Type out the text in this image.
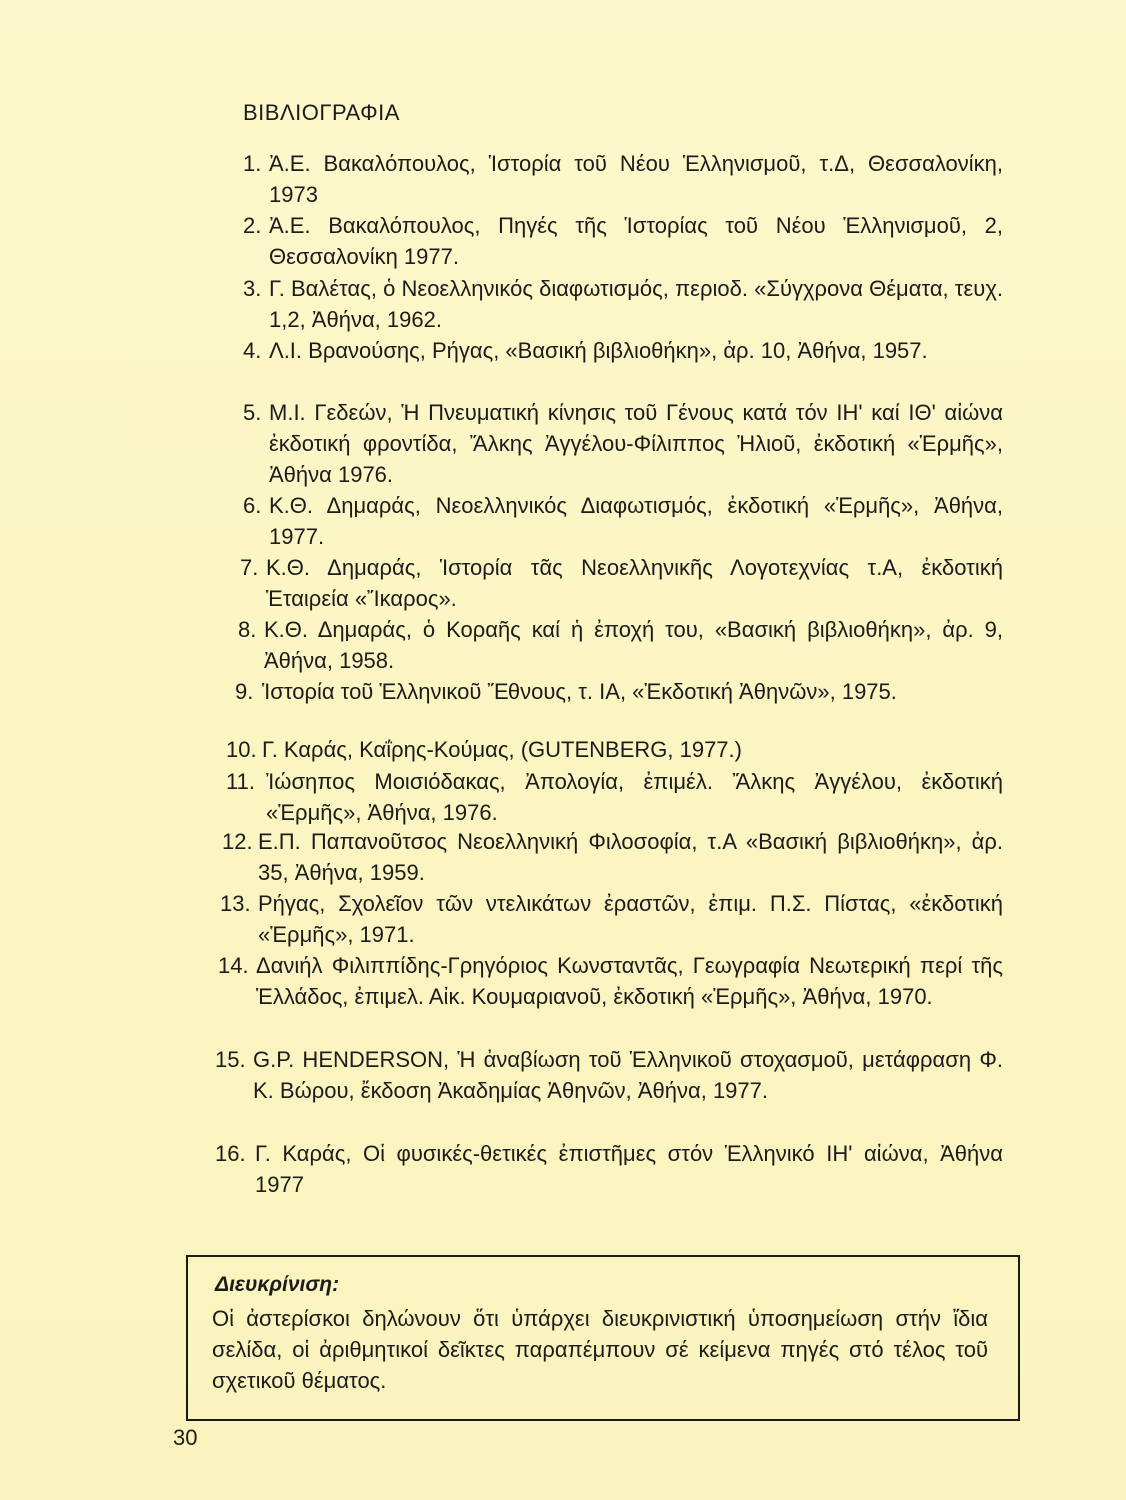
ΒΙΒΛΙΟΓΡΑΦΙΑ
1. Ἀ.Ε. Βακαλόπουλος, Ἱστορία τοῦ Νέου Ἑλληνισμοῦ, τ.Δ, Θεσσαλονίκη, 1973
2. Ἀ.Ε. Βακαλόπουλος, Πηγές τῆς Ἱστορίας τοῦ Νέου Ἑλληνισμοῦ, 2, Θεσσαλονίκη 1977.
3. Γ. Βαλέτας, ὁ Νεοελληνικός διαφωτισμός, περιοδ. «Σύγχρονα Θέματα, τευχ. 1,2, Ἀθήνα, 1962.
4. Λ.Ι. Βρανούσης, Ρήγας, «Βασική βιβλιοθήκη», ἀρ. 10, Ἀθήνα, 1957.
5. Μ.Ι. Γεδεών, Ἡ Πνευματική κίνησις τοῦ Γένους κατά τόν ΙΗ' καί ΙΘ' αἰώνα ἐκδοτική φροντίδα, Ἄλκης Ἀγγέλου-Φίλιππος Ἠλιοῦ, ἐκδοτική «Ἑρμῆς», Ἀθήνα 1976.
6. Κ.Θ. Δημαράς, Νεοελληνικός Διαφωτισμός, ἐκδοτική «Ἑρμῆς», Ἀθήνα, 1977.
7. Κ.Θ. Δημαράς, Ἱστορία τᾶς Νεοελληνικῆς Λογοτεχνίας τ.Α, ἐκδοτική Ἑταιρεία «Ἴκαρος».
8. Κ.Θ. Δημαράς, ὁ Κοραῆς καί ἡ ἐποχή του, «Βασική βιβλιοθήκη», ἀρ. 9, Ἀθήνα, 1958.
9. Ἱστορία τοῦ Ἑλληνικοῦ Ἔθνους, τ. ΙΑ, «Ἐκδοτική Ἀθηνῶν», 1975.
10. Γ. Καράς, Καΐρης-Κούμας, (GUTENBERG, 1977.)
11. Ἰώσηπος Μοισιόδακας, Ἀπολογία, ἐπιμέλ. Ἄλκης Ἀγγέλου, ἐκδοτική «Ἑρμῆς», Ἀθήνα, 1976.
12. Ε.Π. Παπανοῦτσος Νεοελληνική Φιλοσοφία, τ.Α «Βασική βιβλιοθήκη», ἀρ. 35, Ἀθήνα, 1959.
13. Ρήγας, Σχολεῖον τῶν ντελικάτων ἐραστῶν, ἐπιμ. Π.Σ. Πίστας, «ἐκδοτική «Ἑρμῆς», 1971.
14. Δανιήλ Φιλιππίδης-Γρηγόριος Κωνσταντᾶς, Γεωγραφία Νεωτερική περί τῆς Ἑλλάδος, ἐπιμελ. Αἰκ. Κουμαριανοῦ, ἐκδοτική «Ἑρμῆς», Ἀθήνα, 1970.
15. G.P. HENDERSON, Ἡ ἀναβίωση τοῦ Ἑλληνικοῦ στοχασμοῦ, μετάφραση Φ. Κ. Βώρου, ἔκδοση Ἀκαδημίας Ἀθηνῶν, Ἀθήνα, 1977.
16. Γ. Καράς, Οἱ φυσικές-θετικές ἐπιστῆμες στόν Ἑλληνικό ΙΗ' αἰώνα, Ἀθήνα 1977
Διευκρίνιση:
Οἱ ἀστερίσκοι δηλώνουν ὅτι ὑπάρχει διευκρινιστική ὑποσημείωση στήν ἴδια σελίδα, οἱ ἀριθμητικοί δεῖκτες παραπέμπουν σέ κείμενα πηγές στό τέλος τοῦ σχετικοῦ θέματος.
30
